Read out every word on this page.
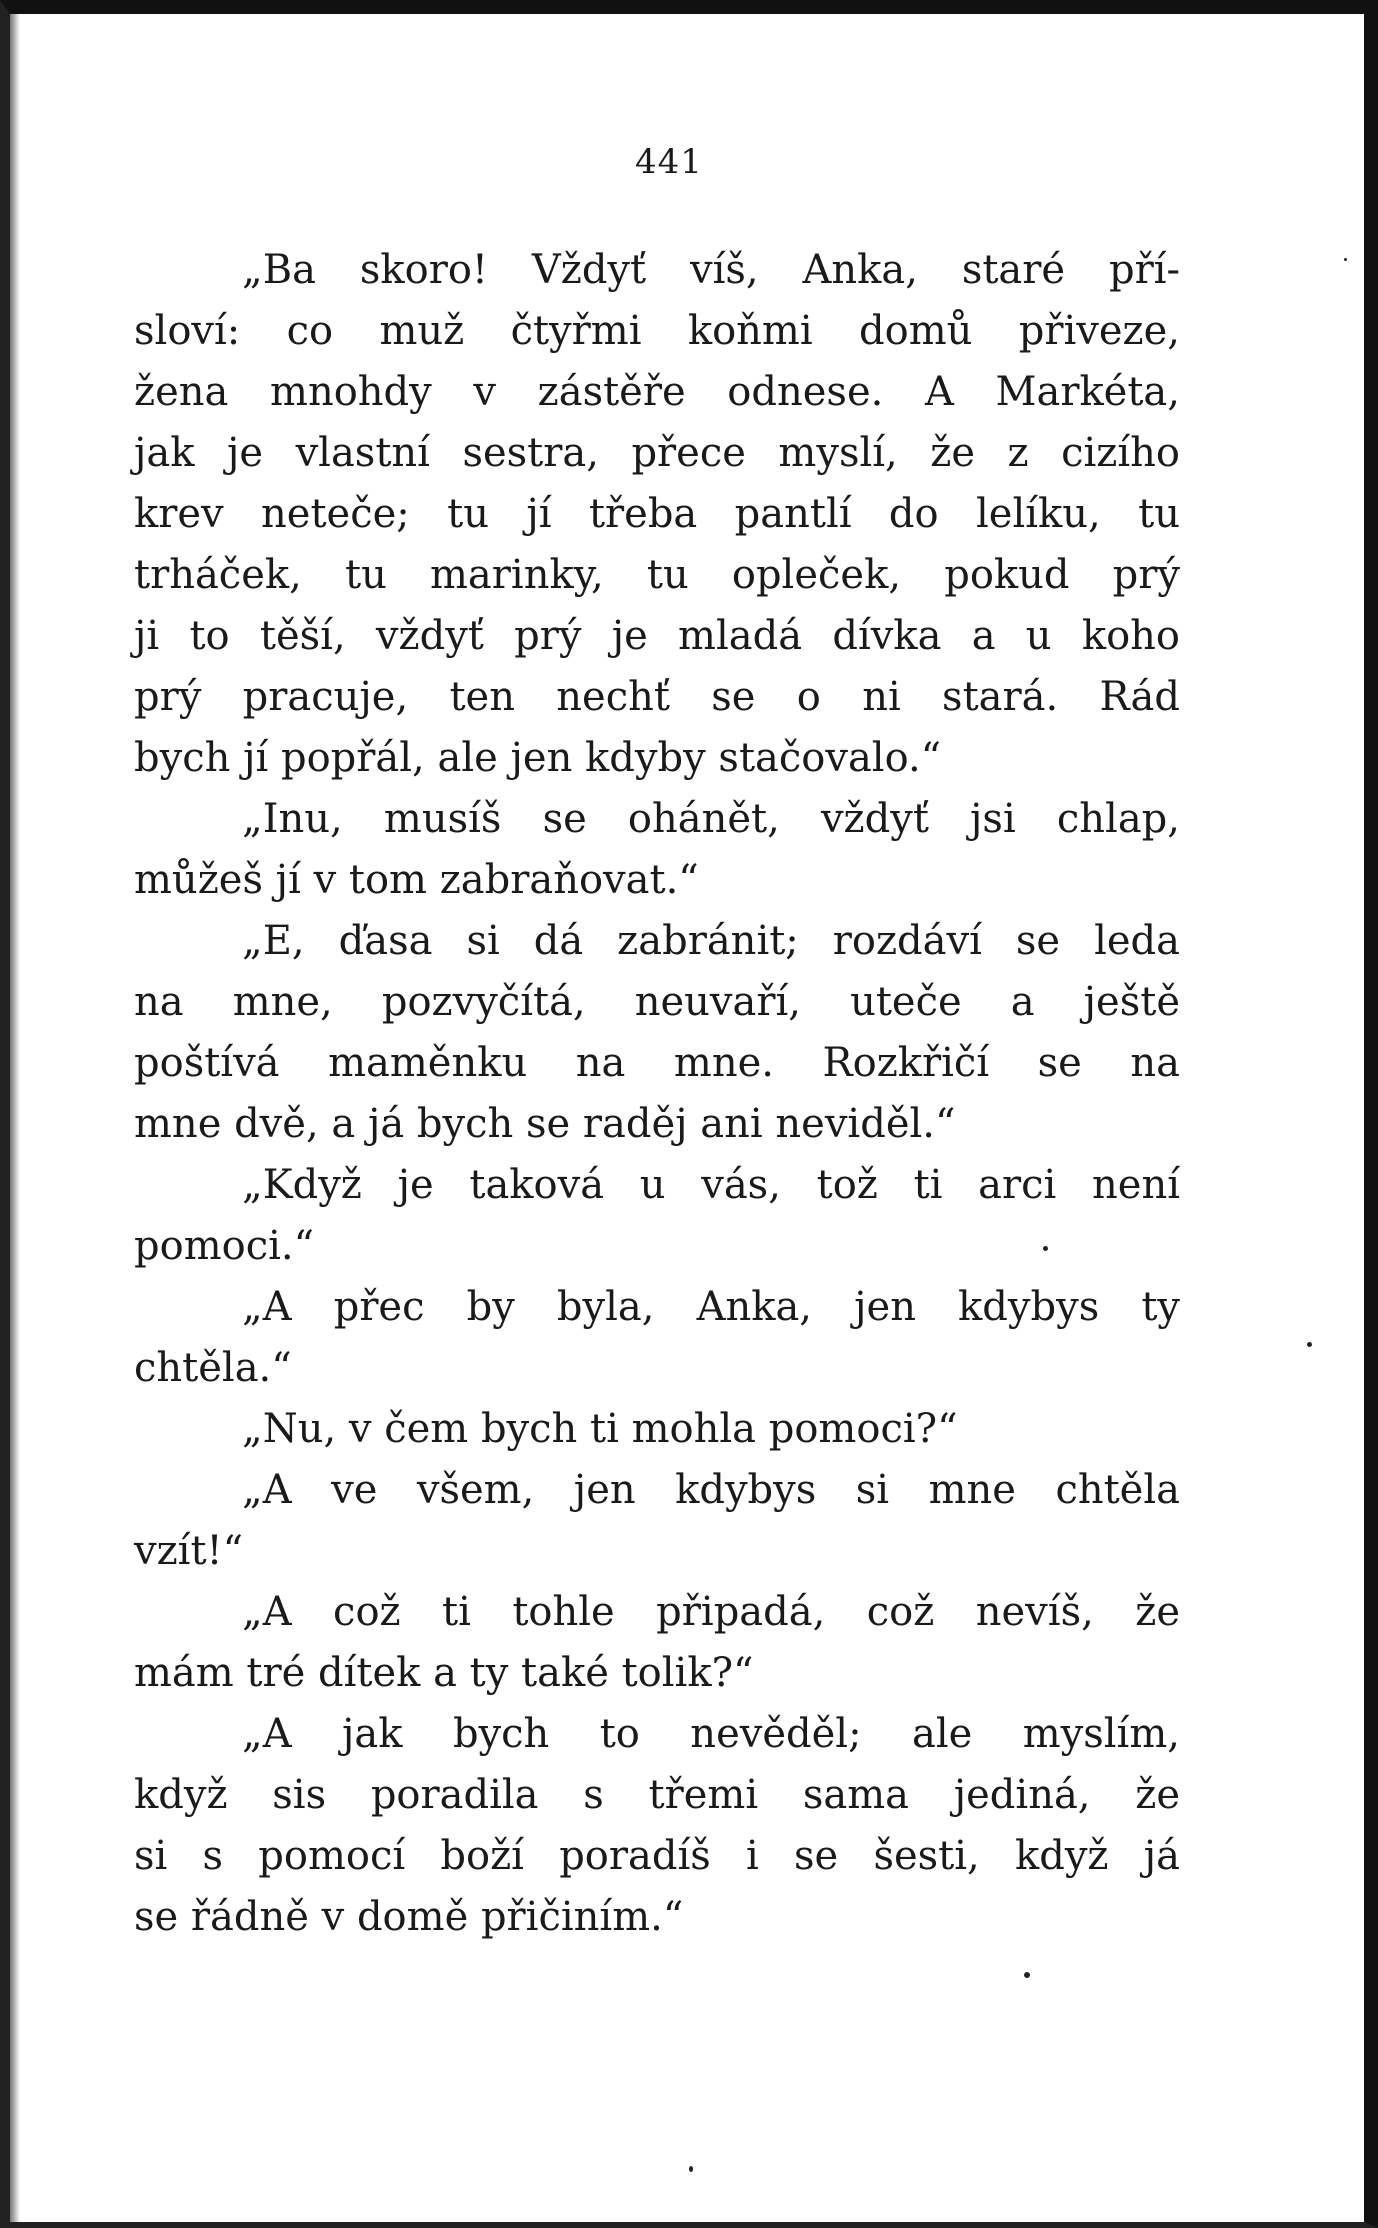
441
„Ba skoro! Vždyť víš, Anka, staré pří-
sloví: co muž čtyřmi koňmi domů přiveze,
žena mnohdy v zástěře odnese. A Markéta,
jak je vlastní sestra, přece myslí, že z cizího
krev neteče; tu jí třeba pantlí do lelíku, tu
trháček, tu marinky, tu opleček, pokud prý
ji to těší, vždyť prý je mladá dívka a u koho
prý pracuje, ten nechť se o ni stará. Rád
bych jí popřál, ale jen kdyby stačovalo.“
„Inu, musíš se ohánět, vždyť jsi chlap,
můžeš jí v tom zabraňovat.“
„E, ďasa si dá zabránit; rozdáví se leda
na mne, pozvyčítá, neuvaří, uteče a ještě
poštívá maměnku na mne. Rozkřičí se na
mne dvě, a já bych se raděj ani neviděl.“
„Když je taková u vás, tož ti arci není
pomoci.“
„A přec by byla, Anka, jen kdybys ty
chtěla.“
„Nu, v čem bych ti mohla pomoci?“
„A ve všem, jen kdybys si mne chtěla
vzít!“
„A což ti tohle připadá, což nevíš, že
mám tré dítek a ty také tolik?“
„A jak bych to nevěděl; ale myslím,
když sis poradila s třemi sama jediná, že
si s pomocí boží poradíš i se šesti, když já
se řádně v domě přičiním.“
